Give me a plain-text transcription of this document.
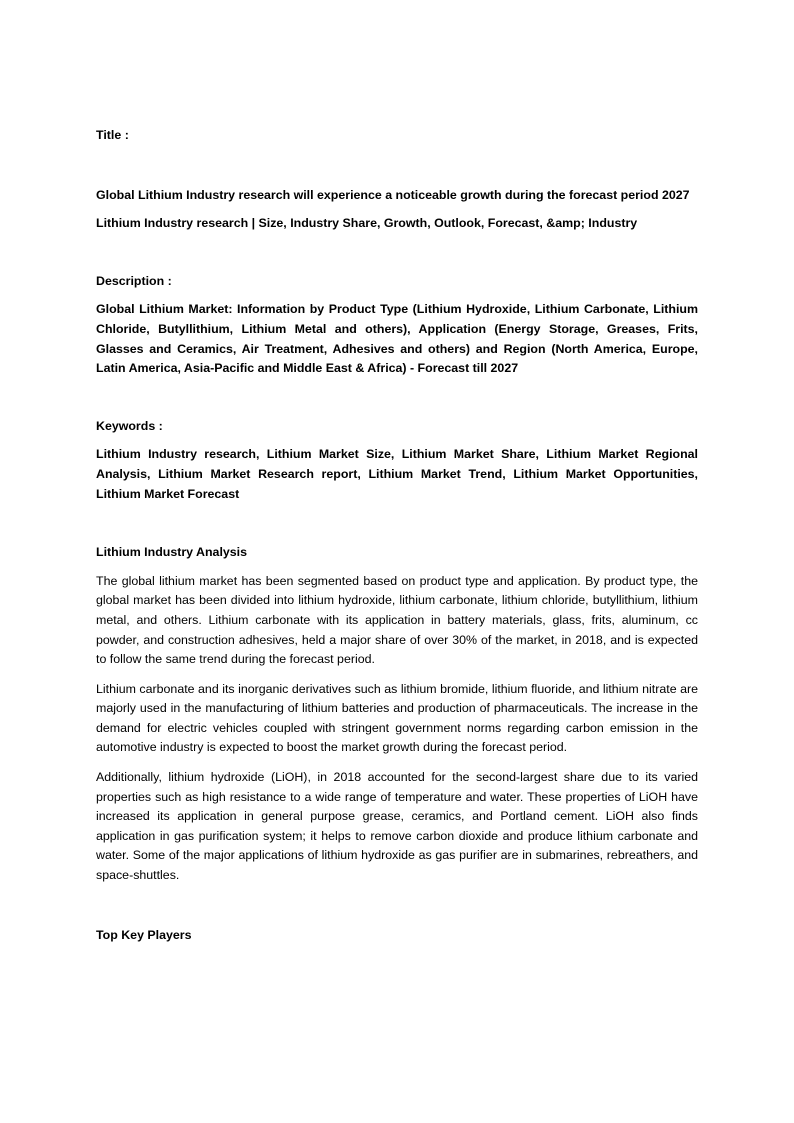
Title :

Global Lithium Industry research will experience a noticeable growth during the forecast period 2027

Lithium Industry research | Size, Industry Share, Growth, Outlook, Forecast, &amp; Industry

Description :

Global Lithium Market: Information by Product Type (Lithium Hydroxide, Lithium Carbonate, Lithium Chloride, Butyllithium, Lithium Metal and others), Application (Energy Storage, Greases, Frits, Glasses and Ceramics, Air Treatment, Adhesives and others) and Region (North America, Europe, Latin America, Asia-Pacific and Middle East & Africa) - Forecast till 2027

Keywords :

Lithium Industry research, Lithium Market Size, Lithium Market Share, Lithium Market Regional Analysis, Lithium Market Research report, Lithium Market Trend, Lithium Market Opportunities, Lithium Market Forecast

Lithium Industry Analysis

The global lithium market has been segmented based on product type and application. By product type, the global market has been divided into lithium hydroxide, lithium carbonate, lithium chloride, butyllithium, lithium metal, and others. Lithium carbonate with its application in battery materials, glass, frits, aluminum, cc powder, and construction adhesives, held a major share of over 30% of the market, in 2018, and is expected to follow the same trend during the forecast period.

Lithium carbonate and its inorganic derivatives such as lithium bromide, lithium fluoride, and lithium nitrate are majorly used in the manufacturing of lithium batteries and production of pharmaceuticals. The increase in the demand for electric vehicles coupled with stringent government norms regarding carbon emission in the automotive industry is expected to boost the market growth during the forecast period.

Additionally, lithium hydroxide (LiOH), in 2018 accounted for the second-largest share due to its varied properties such as high resistance to a wide range of temperature and water. These properties of LiOH have increased its application in general purpose grease, ceramics, and Portland cement. LiOH also finds application in gas purification system; it helps to remove carbon dioxide and produce lithium carbonate and water. Some of the major applications of lithium hydroxide as gas purifier are in submarines, rebreathers, and space-shuttles.

Top Key Players
